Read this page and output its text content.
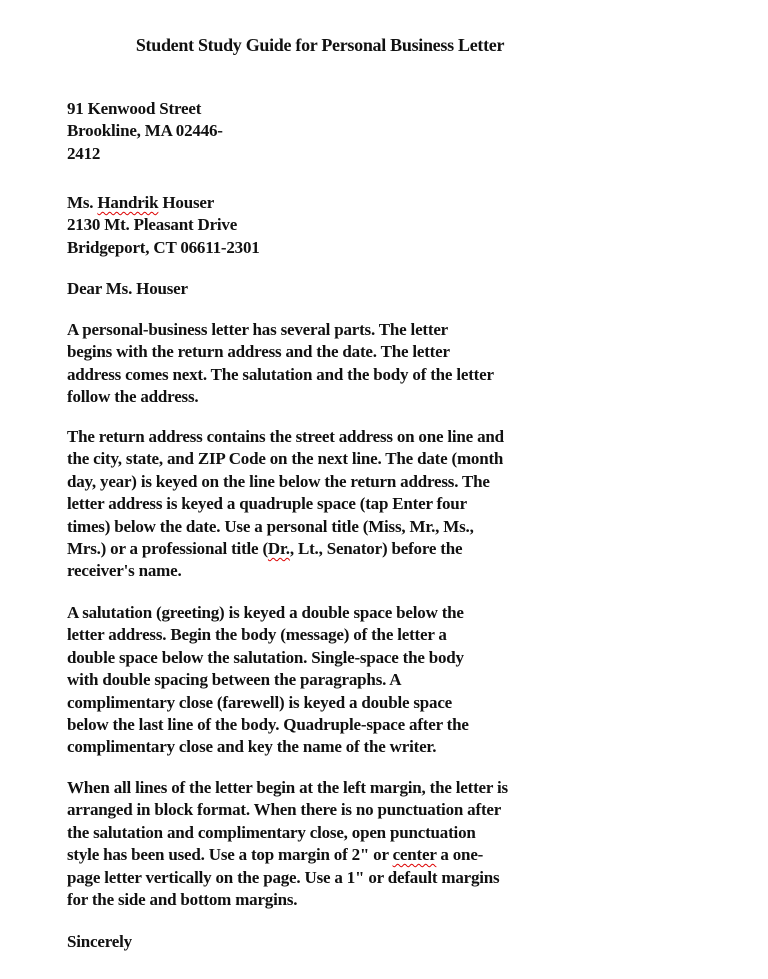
Student Study Guide for Personal Business Letter
91 Kenwood Street
Brookline, MA 02446-
2412
Ms. Handrik Houser
2130 Mt. Pleasant Drive
Bridgeport, CT 06611-2301
Dear Ms. Houser
A personal-business letter has several parts. The letter
begins with the return address and the date. The letter
address comes next. The salutation and the body of the letter
follow the address.
The return address contains the street address on one line and
the city, state, and ZIP Code on the next line. The date (month
day, year) is keyed on the line below the return address. The
letter address is keyed a quadruple space (tap Enter four
times) below the date. Use a personal title (Miss, Mr., Ms.,
Mrs.) or a professional title (Dr., Lt., Senator) before the
receiver's name.
A salutation (greeting) is keyed a double space below the
letter address. Begin the body (message) of the letter a
double space below the salutation. Single-space the body
with double spacing between the paragraphs. A
complimentary close (farewell) is keyed a double space
below the last line of the body. Quadruple-space after the
complimentary close and key the name of the writer.
When all lines of the letter begin at the left margin, the letter is
arranged in block format. When there is no punctuation after
the salutation and complimentary close, open punctuation
style has been used. Use a top margin of 2" or center a one-
page letter vertically on the page. Use a 1" or default margins
for the side and bottom margins.
Sincerely
